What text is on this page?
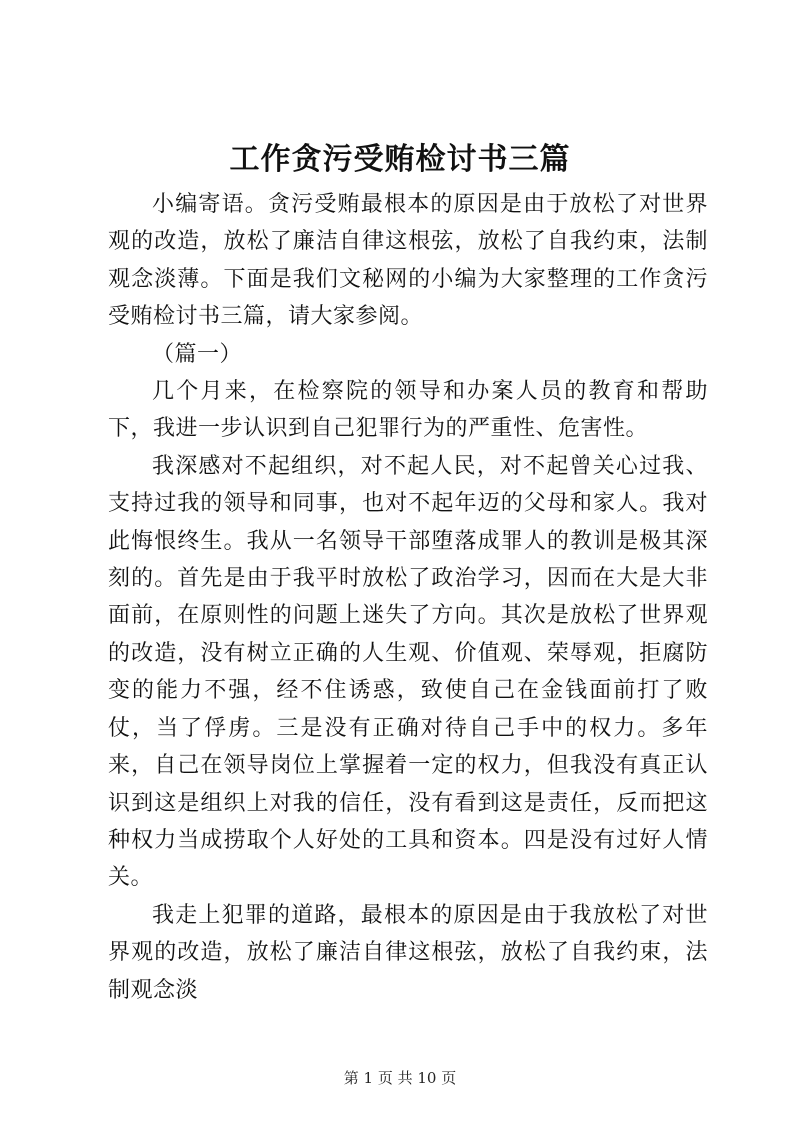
工作贪污受贿检讨书三篇

小编寄语。贪污受贿最根本的原因是由于放松了对世界观的改造，放松了廉洁自律这根弦，放松了自我约束，法制观念淡薄。下面是我们文秘网的小编为大家整理的工作贪污受贿检讨书三篇，请大家参阅。

（篇一）

几个月来，在检察院的领导和办案人员的教育和帮助下，我进一步认识到自己犯罪行为的严重性、危害性。

我深感对不起组织，对不起人民，对不起曾关心过我、支持过我的领导和同事，也对不起年迈的父母和家人。我对此悔恨终生。我从一名领导干部堕落成罪人的教训是极其深刻的。首先是由于我平时放松了政治学习，因而在大是大非面前，在原则性的问题上迷失了方向。其次是放松了世界观的改造，没有树立正确的人生观、价值观、荣辱观，拒腐防变的能力不强，经不住诱惑，致使自己在金钱面前打了败仗，当了俘虏。三是没有正确对待自己手中的权力。多年来，自己在领导岗位上掌握着一定的权力，但我没有真正认识到这是组织上对我的信任，没有看到这是责任，反而把这种权力当成捞取个人好处的工具和资本。四是没有过好人情关。

我走上犯罪的道路，最根本的原因是由于我放松了对世界观的改造，放松了廉洁自律这根弦，放松了自我约束，法制观念淡

第 1 页 共 10 页
